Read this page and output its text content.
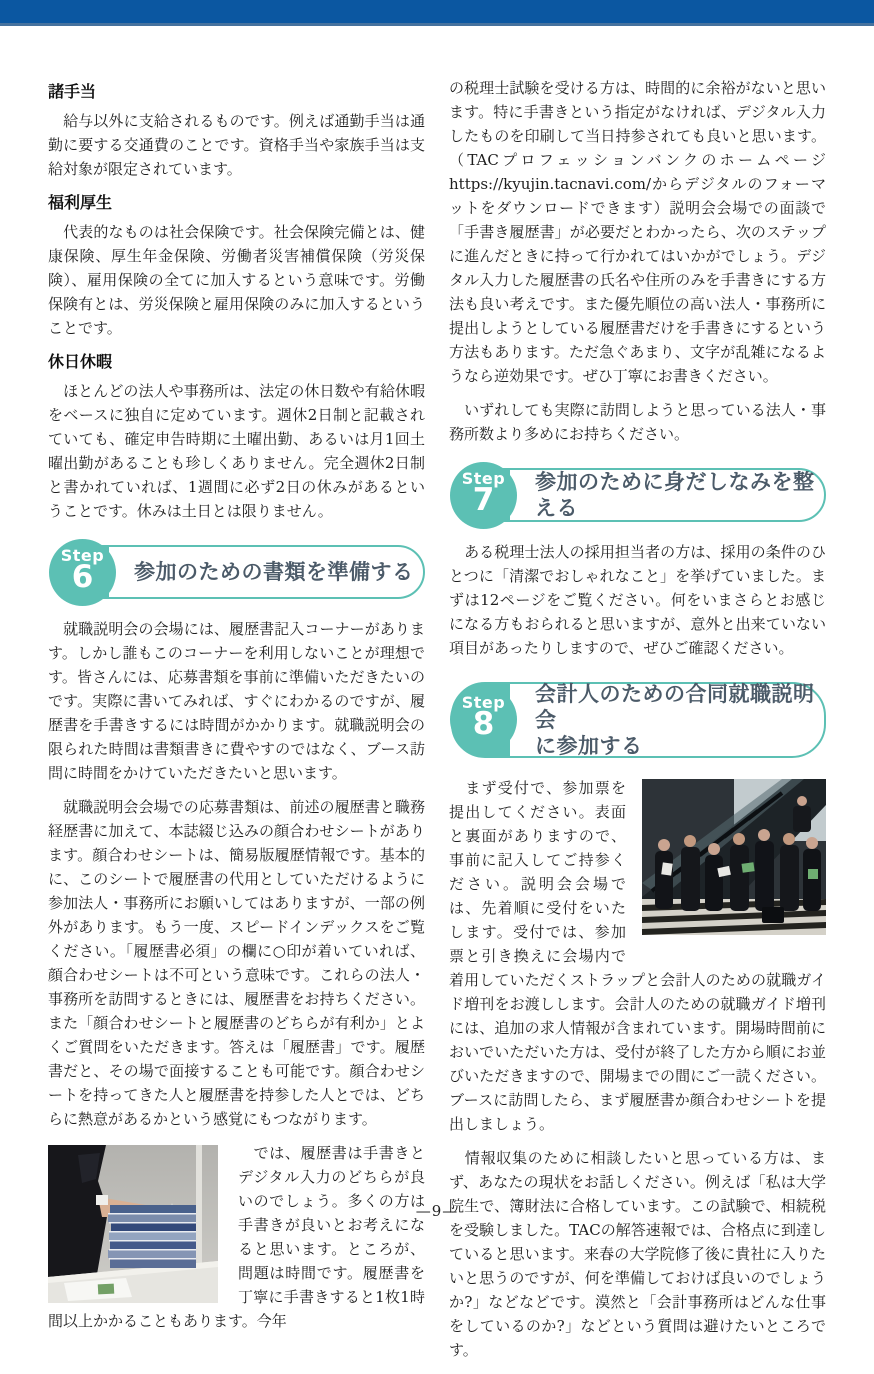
諸手当

　給与以外に支給されるものです。例えば通勤手当は通勤に要する交通費のことです。資格手当や家族手当は支給対象が限定されています。

福利厚生

　代表的なものは社会保険です。社会保険完備とは、健康保険、厚生年金保険、労働者災害補償保険（労災保険）、雇用保険の全てに加入するという意味です。労働保険有とは、労災保険と雇用保険のみに加入するということです。

休日休暇

　ほとんどの法人や事務所は、法定の休日数や有給休暇をベースに独自に定めています。週休2日制と記載されていても、確定申告時期に土曜出勤、あるいは月1回土曜出勤があることも珍しくありません。完全週休2日制と書かれていれば、1週間に必ず2日の休みがあるということです。休みは土日とは限りません。

Step
6	参加のための書類を準備する

　就職説明会の会場には、履歴書記入コーナーがあります。しかし誰もこのコーナーを利用しないことが理想です。皆さんには、応募書類を事前に準備いただきたいのです。実際に書いてみれば、すぐにわかるのですが、履歴書を手書きするには時間がかかります。就職説明会の限られた時間は書類書きに費やすのではなく、ブース訪問に時間をかけていただきたいと思います。

　就職説明会会場での応募書類は、前述の履歴書と職務経歴書に加えて、本誌綴じ込みの顔合わせシートがあります。顔合わせシートは、簡易版履歴情報です。基本的に、このシートで履歴書の代用としていただけるように参加法人・事務所にお願いしてはありますが、一部の例外があります。もう一度、スピードインデックスをご覧ください。「履歴書必須」の欄に○印が着いていれば、顔合わせシートは不可という意味です。これらの法人・事務所を訪問するときには、履歴書をお持ちください。また「顔合わせシートと履歴書のどちらが有利か」とよくご質問をいただきます。答えは「履歴書」です。履歴書だと、その場で面接することも可能です。顔合わせシートを持ってきた人と履歴書を持参した人とでは、どちらに熱意があるかという感覚にもつながります。

　では、履歴書は手書きとデジタル入力のどちらが良いのでしょう。多くの方は手書きが良いとお考えになると思います。ところが、問題は時間です。履歴書を丁寧に手書きすると1枚1時間以上かかることもあります。今年

の税理士試験を受ける方は、時間的に余裕がないと思います。特に手書きという指定がなければ、デジタル入力したものを印刷して当日持参されても良いと思います。（TACプロフェッションバンクのホームページhttps://kyujin.tacnavi.com/からデジタルのフォーマットをダウンロードできます）説明会会場での面談で「手書き履歴書」が必要だとわかったら、次のステップに進んだときに持って行かれてはいかがでしょう。デジタル入力した履歴書の氏名や住所のみを手書きにする方法も良い考えです。また優先順位の高い法人・事務所に提出しようとしている履歴書だけを手書きにするという方法もあります。ただ急ぐあまり、文字が乱雑になるようなら逆効果です。ぜひ丁寧にお書きください。

　いずれしても実際に訪問しようと思っている法人・事務所数より多めにお持ちください。

Step
7	参加のために身だしなみを整える

　ある税理士法人の採用担当者の方は、採用の条件のひとつに「清潔でおしゃれなこと」を挙げていました。まずは12ページをご覧ください。何をいまさらとお感じになる方もおられると思いますが、意外と出来ていない項目があったりしますので、ぜひご確認ください。

Step
8
会計人のための合同就職説明会
に参加する

　まず受付で、参加票を提出してください。表面と裏面がありますので、事前に記入してご持参ください。説明会会場では、先着順に受付をいたします。受付では、参加票と引き換えに会場内で着用していただくストラップと会計人のための就職ガイド増刊をお渡しします。会計人のための就職ガイド増刊には、追加の求人情報が含まれています。開場時間前においでいただいた方は、受付が終了した方から順にお並びいただきますので、開場までの間にご一読ください。ブースに訪問したら、まず履歴書か顔合わせシートを提出しましょう。

　情報収集のために相談したいと思っている方は、まず、あなたの現状をお話しください。例えば「私は大学院生で、簿財法に合格しています。この試験で、相続税を受験しました。TACの解答速報では、合格点に到達していると思います。来春の大学院修了後に貴社に入りたいと思うのですが、何を準備しておけば良いのでしょうか?」などなどです。漠然と「会計事務所はどんな仕事をしているのか?」などという質問は避けたいところです。

—9—
